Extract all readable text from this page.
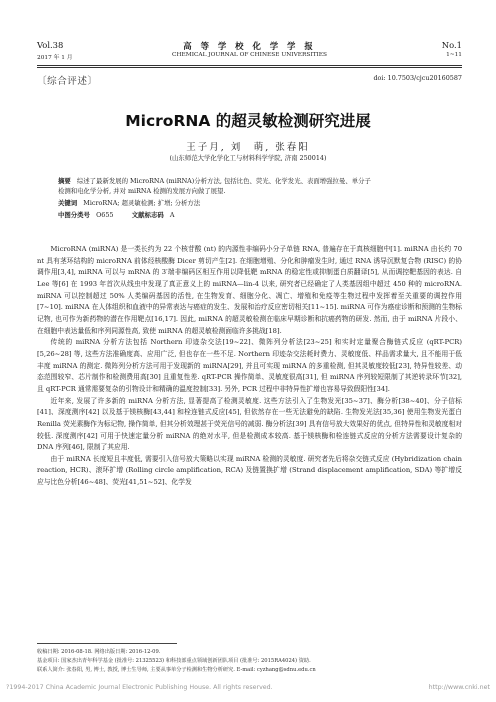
Vol.38	高 等 学 校 化 学 学 报	No.1
2017 年 1 月	CHEMICAL JOURNAL OF CHINESE UNIVERSITIES	1~11
〔综合评述〕	doi: 10.7503/cjcu20160587
MicroRNA 的超灵敏检测研究进展
王子月, 刘　萌, 张春阳
(山东师范大学化学化工与材料科学学院, 济南 250014)
摘要 综述了最新发展的 MicroRNA (miRNA)分析方法, 包括比色、荧光、化学发光、表面增强拉曼、单分子
检测和电化学分析, 并对 miRNA 检测的发展方向做了展望.
关键词 MicroRNA; 超灵敏检测; 扩增; 分析方法
中图分类号 O655	文献标志码 A

MicroRNA (miRNA) 是一类长约为 22 个核苷酸 (nt) 的内源性非编码小分子单链 RNA, 普遍存在于真核细胞中[1]. miRNA 由长约 70 nt 具有茎环结构的 microRNA 前体经核酸酶 Dicer 剪切产生[2]. 在细胞增殖、分化和肿瘤发生时, 通过 RNA 诱导沉默复合物 (RISC) 的协调作用[3,4], miRNA 可以与 mRNA 的 3′端非编码区相互作用以降低靶 mRNA 的稳定性或抑制蛋白质翻译[5], 从而调控靶基因的表达. 自 Lee 等[6] 在 1993 年首次从线虫中发现了真正意义上的 miRNA—lin-4 以来, 研究者已经确定了人类基因组中超过 450 种的 microRNA. miRNA 可以控制超过 50% 人类编码基因的活性, 在生物发育、细胞分化、凋亡、增殖和免疫等生物过程中发挥着至关重要的调控作用[7~10]. miRNA 在人体组织和血液中的异常表达与癌症的发生、发展和治疗反应密切相关[11~15]. miRNA 可作为癌症诊断和预测的生物标记物, 也可作为新药物的潜在作用靶点[16,17]. 因此, miRNA 的超灵敏检测在临床早期诊断和抗癌药物的研发. 然而, 由于 miRNA 片段小、在细胞中表达量低和序列同源性高, 致使 miRNA 的超灵敏检测面临许多挑战[18].

传统的 miRNA 分析方法包括 Northern 印迹杂交法[19~22]、微阵列分析法[23~25] 和实时定量聚合酶链式反应 (qRT-PCR)[5,26~28] 等, 这些方法准确度高、应用广泛, 但也存在一些不足. Northern 印迹杂交法耗时费力、灵敏度低、样品需求量大, 且不能用于低丰度 miRNA 的测定. 微阵列分析方法可用于发现新的 miRNA[29], 并且可实现 miRNA 的多重检测, 但其灵敏度较低[23], 特异性较差、动态范围较窄、芯片制作和检测费用高[30] 且重复性差. qRT-PCR 操作简单、灵敏度很高[31], 但 miRNA 序列较短限制了其逆转录环节[32], 且 qRT-PCR 通常需要复杂的引物设计和精确的温度控制[33]. 另外, PCR 过程中非特异性扩增也容易导致假阳性[34].

近年来, 发展了许多新的 miRNA 分析方法, 显著提高了检测灵敏度. 这些方法引入了生物发光[35~37]、酶分析[38~40]、分子信标[41]、深度测序[42] 以及基于镁核酶[43,44] 和栓连链式反应[45], 但依然存在一些无法避免的缺陷. 生物发光法[35,36] 使用生物发光蛋白 Renilla 荧光素酶作为标记物, 操作简单, 但其分析效理甚于荧光信号的减弱. 酶分析法[39] 具有信号放大效果好的优点, 但特异性和灵敏度相对较低. 深度测序[42] 可用于快速定量分析 miRNA 的绝对水平, 但是检测成本较高. 基于镁核酶和栓连链式反应的分析方法需要设计复杂的 DNA 序列[46], 限制了其应用.

由于 miRNA 长度短且丰度低, 需要引入信号放大策略以实现 miRNA 检测的灵敏度. 研究者先后将杂交链式反应 (Hybridization chain reaction, HCR)、滚环扩增 (Rolling circle amplification, RCA) 及链置换扩增 (Strand displacement amplification, SDA) 等扩增反应与比色分析[46~48]、荧光[41,51~52]、化学发

收稿日期: 2016-08-18. 网络出版日期: 2016-12-09.
基金项目: 国家杰出青年科学基金 (批准号: 21325523) 和科技部重点领域创新团队项目 (批准号: 2015RA4024) 资助.
联系人简介: 张春阳, 男, 博士, 教授, 博士生导师, 主要从事单分子检测和生物分析研究. E-mail: cyzhang@sdnu.edu.cn
?1994-2017 China Academic Journal Electronic Publishing House. All rights reserved.	http://www.cnki.net
